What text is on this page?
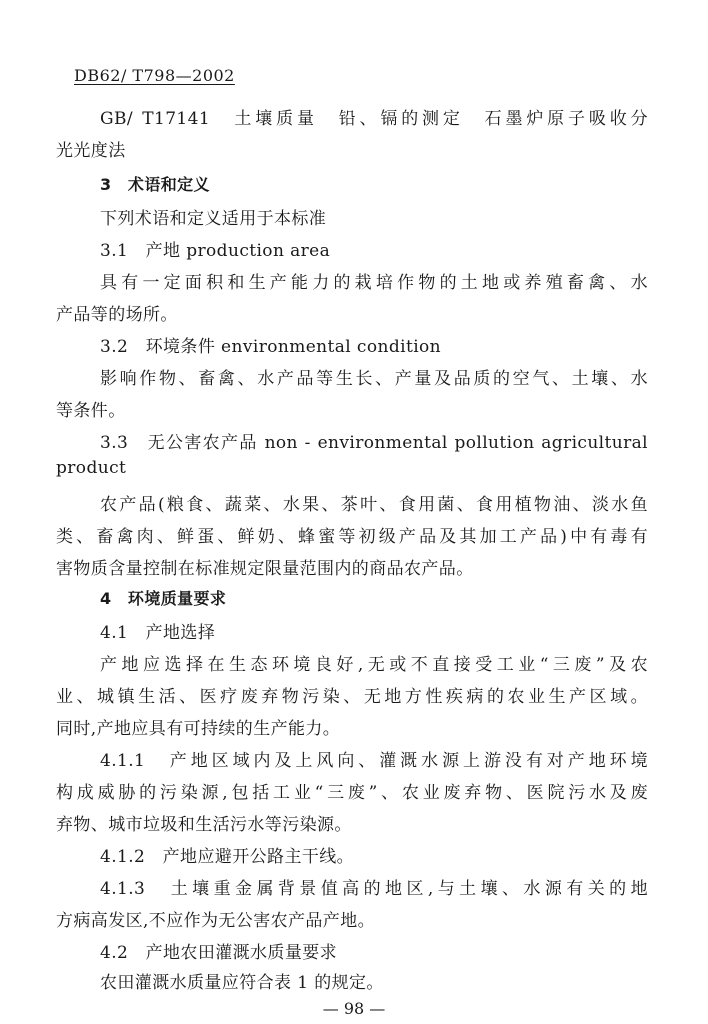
DB62/ T798—2002
GB/ T17141　土壤质量　铅、镉的测定　石墨炉原子吸收分
光光度法
3　术语和定义
下列术语和定义适用于本标准
3.1　产地 production area
具有一定面积和生产能力的栽培作物的土地或养殖畜禽、水
产品等的场所。
3.2　环境条件 environmental condition
影响作物、畜禽、水产品等生长、产量及品质的空气、土壤、水
等条件。
3.3　无公害农产品 non - environmental pollution agricultural
product
农产品(粮食、蔬菜、水果、茶叶、食用菌、食用植物油、淡水鱼
类、畜禽肉、鲜蛋、鲜奶、蜂蜜等初级产品及其加工产品)中有毒有
害物质含量控制在标准规定限量范围内的商品农产品。
4　环境质量要求
4.1　产地选择
产地应选择在生态环境良好,无或不直接受工业“三废”及农
业、城镇生活、医疗废弃物污染、无地方性疾病的农业生产区域。
同时,产地应具有可持续的生产能力。
4.1.1　产地区域内及上风向、灌溉水源上游没有对产地环境
构成威胁的污染源,包括工业“三废”、农业废弃物、医院污水及废
弃物、城市垃圾和生活污水等污染源。
4.1.2　产地应避开公路主干线。
4.1.3　土壤重金属背景值高的地区,与土壤、水源有关的地
方病高发区,不应作为无公害农产品产地。
4.2　产地农田灌溉水质量要求
农田灌溉水质量应符合表 1 的规定。
— 98 —
